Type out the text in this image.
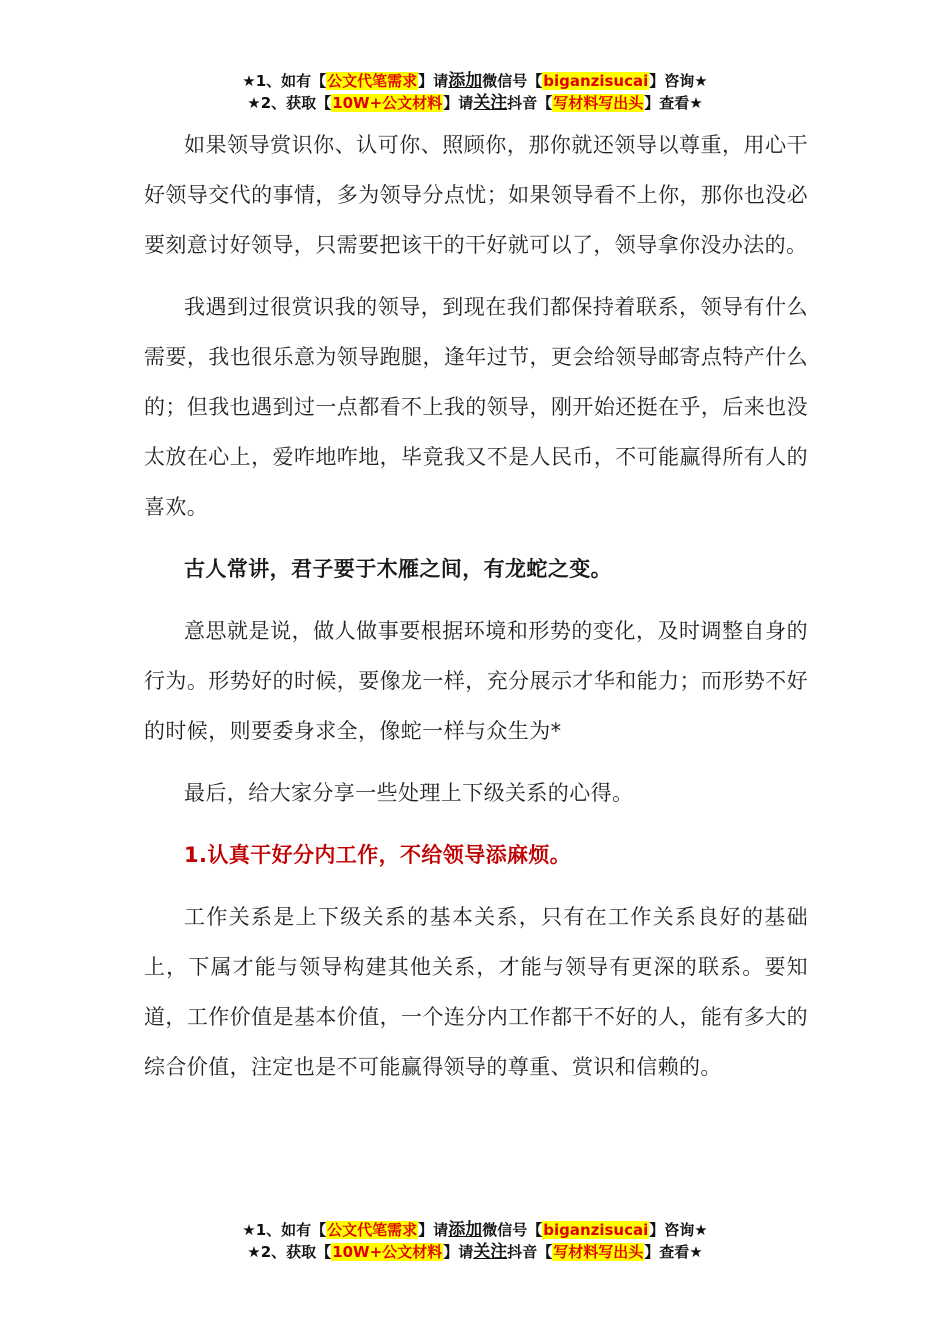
★1、如有【公文代笔需求】请添加微信号【biganzisucai】咨询★
★2、获取【10W+公文材料】请关注抖音【写材料写出头】查看★

如果领导赏识你、认可你、照顾你，那你就还领导以尊重，用心干好领导交代的事情，多为领导分点忧；如果领导看不上你，那你也没必要刻意讨好领导，只需要把该干的干好就可以了，领导拿你没办法的。

我遇到过很赏识我的领导，到现在我们都保持着联系，领导有什么需要，我也很乐意为领导跑腿，逢年过节，更会给领导邮寄点特产什么的；但我也遇到过一点都看不上我的领导，刚开始还挺在乎，后来也没太放在心上，爱咋地咋地，毕竟我又不是人民币，不可能赢得所有人的喜欢。

古人常讲，君子要于木雁之间，有龙蛇之变。

意思就是说，做人做事要根据环境和形势的变化，及时调整自身的行为。形势好的时候，要像龙一样，充分展示才华和能力；而形势不好的时候，则要委身求全，像蛇一样与众生为*

最后，给大家分享一些处理上下级关系的心得。

1.认真干好分内工作，不给领导添麻烦。

工作关系是上下级关系的基本关系，只有在工作关系良好的基础上，下属才能与领导构建其他关系，才能与领导有更深的联系。要知道，工作价值是基本价值，一个连分内工作都干不好的人，能有多大的综合价值，注定也是不可能赢得领导的尊重、赏识和信赖的。

★1、如有【公文代笔需求】请添加微信号【biganzisucai】咨询★
★2、获取【10W+公文材料】请关注抖音【写材料写出头】查看★
